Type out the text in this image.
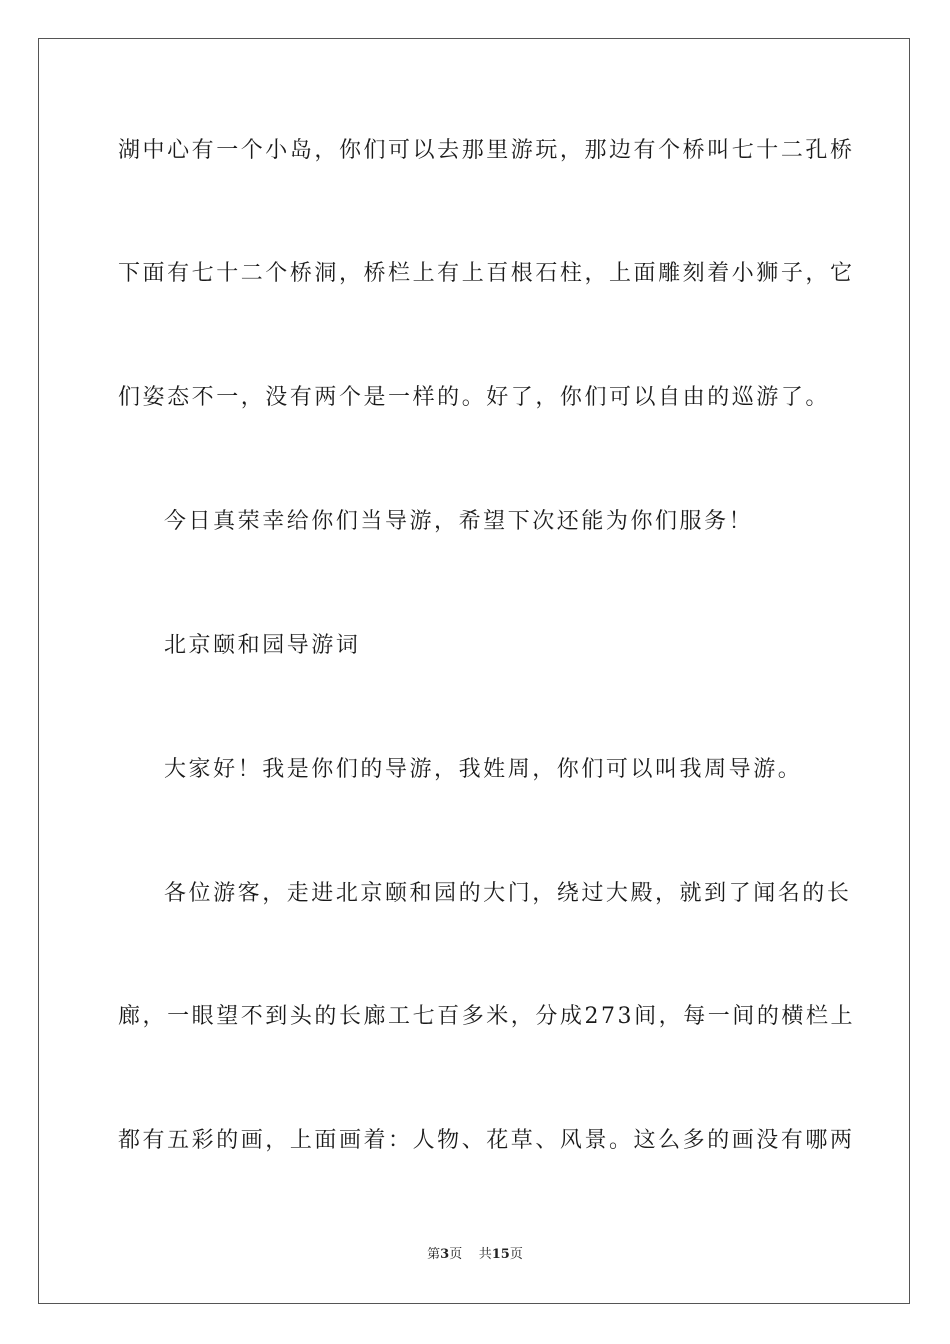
湖中心有一个小岛，你们可以去那里游玩，那边有个桥叫七十二孔桥
下面有七十二个桥洞，桥栏上有上百根石柱，上面雕刻着小狮子，它
们姿态不一，没有两个是一样的。好了，你们可以自由的巡游了。
今日真荣幸给你们当导游，希望下次还能为你们服务！
北京颐和园导游词
大家好！我是你们的导游，我姓周，你们可以叫我周导游。
各位游客，走进北京颐和园的大门，绕过大殿，就到了闻名的长
廊，一眼望不到头的长廊工七百多米，分成273间，每一间的横栏上
都有五彩的画，上面画着：人物、花草、风景。这么多的画没有哪两
第3页 共15页
